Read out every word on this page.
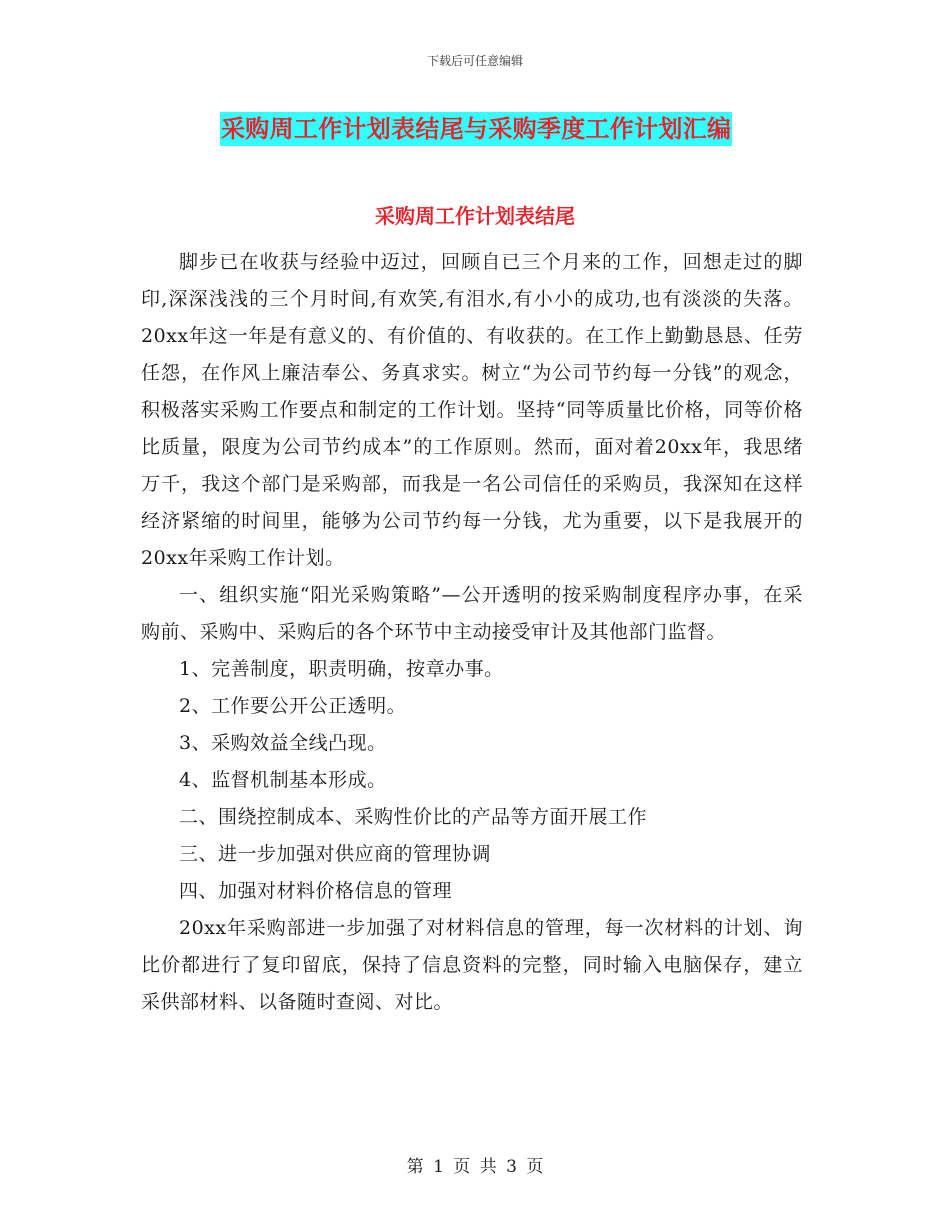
下载后可任意编辑
采购周工作计划表结尾与采购季度工作计划汇编
采购周工作计划表结尾

脚步已在收获与经验中迈过，回顾自已三个月来的工作，回想走过的脚印,深深浅浅的三个月时间,有欢笑,有泪水,有小小的成功,也有淡淡的失落。20xx年这一年是有意义的、有价值的、有收获的。在工作上勤勤恳恳、任劳任怨，在作风上廉洁奉公、务真求实。树立“为公司节约每一分钱”的观念，积极落实采购工作要点和制定的工作计划。坚持“同等质量比价格，同等价格比质量，限度为公司节约成本”的工作原则。然而，面对着20xx年，我思绪万千，我这个部门是采购部，而我是一名公司信任的采购员，我深知在这样经济紧缩的时间里，能够为公司节约每一分钱，尤为重要，以下是我展开的20xx年采购工作计划。

一、组织实施“阳光采购策略”—公开透明的按采购制度程序办事，在采购前、采购中、采购后的各个环节中主动接受审计及其他部门监督。

1、完善制度，职责明确，按章办事。

2、工作要公开公正透明。

3、采购效益全线凸现。

4、监督机制基本形成。

二、围绕控制成本、采购性价比的产品等方面开展工作

三、进一步加强对供应商的管理协调

四、加强对材料价格信息的管理

20xx年采购部进一步加强了对材料信息的管理，每一次材料的计划、询比价都进行了复印留底，保持了信息资料的完整，同时输入电脑保存，建立采供部材料、以备随时查阅、对比。

第 1 页 共 3 页
